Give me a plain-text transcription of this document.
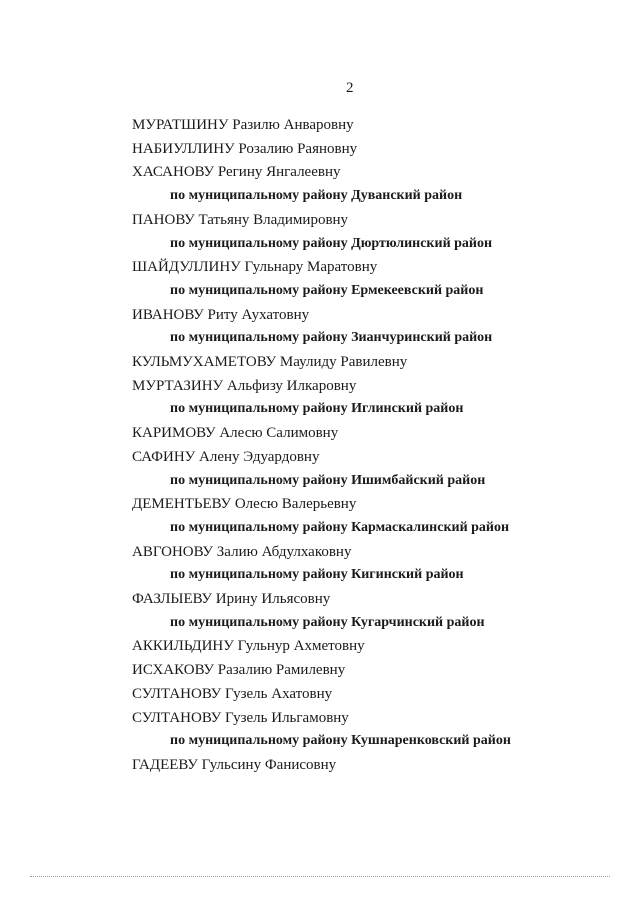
2
МУРАТШИНУ Разилю Анваровну
НАБИУЛЛИНУ Розалию Раяновну
ХАСАНОВУ Регину Янгалеевну
по муниципальному району Дуванский район
ПАНОВУ Татьяну Владимировну
по муниципальному району Дюртюлинский район
ШАЙДУЛЛИНУ Гульнару Маратовну
по муниципальному району Ермекеевский район
ИВАНОВУ Риту Аухатовну
по муниципальному району Зианчуринский район
КУЛЬМУХАМЕТОВУ Маулиду Равилевну
МУРТАЗИНУ Альфизу Илкаровну
по муниципальному району Иглинский район
КАРИМОВУ Алесю Салимовну
САФИНУ Алену Эдуардовну
по муниципальному району Ишимбайский район
ДЕМЕНТЬЕВУ Олесю Валерьевну
по муниципальному району Кармаскалинский район
АВГОНОВУ Залию Абдулхаковну
по муниципальному району Кигинский район
ФАЗЛЫЕВУ Ирину Ильясовну
по муниципальному району Кугарчинский район
АККИЛЬДИНУ Гульнур Ахметовну
ИСХАКОВУ Разалию Рамилевну
СУЛТАНОВУ Гузель Ахатовну
СУЛТАНОВУ Гузель Ильгамовну
по муниципальному району Кушнаренковский район
ГАДЕЕВУ Гульсину Фанисовну
